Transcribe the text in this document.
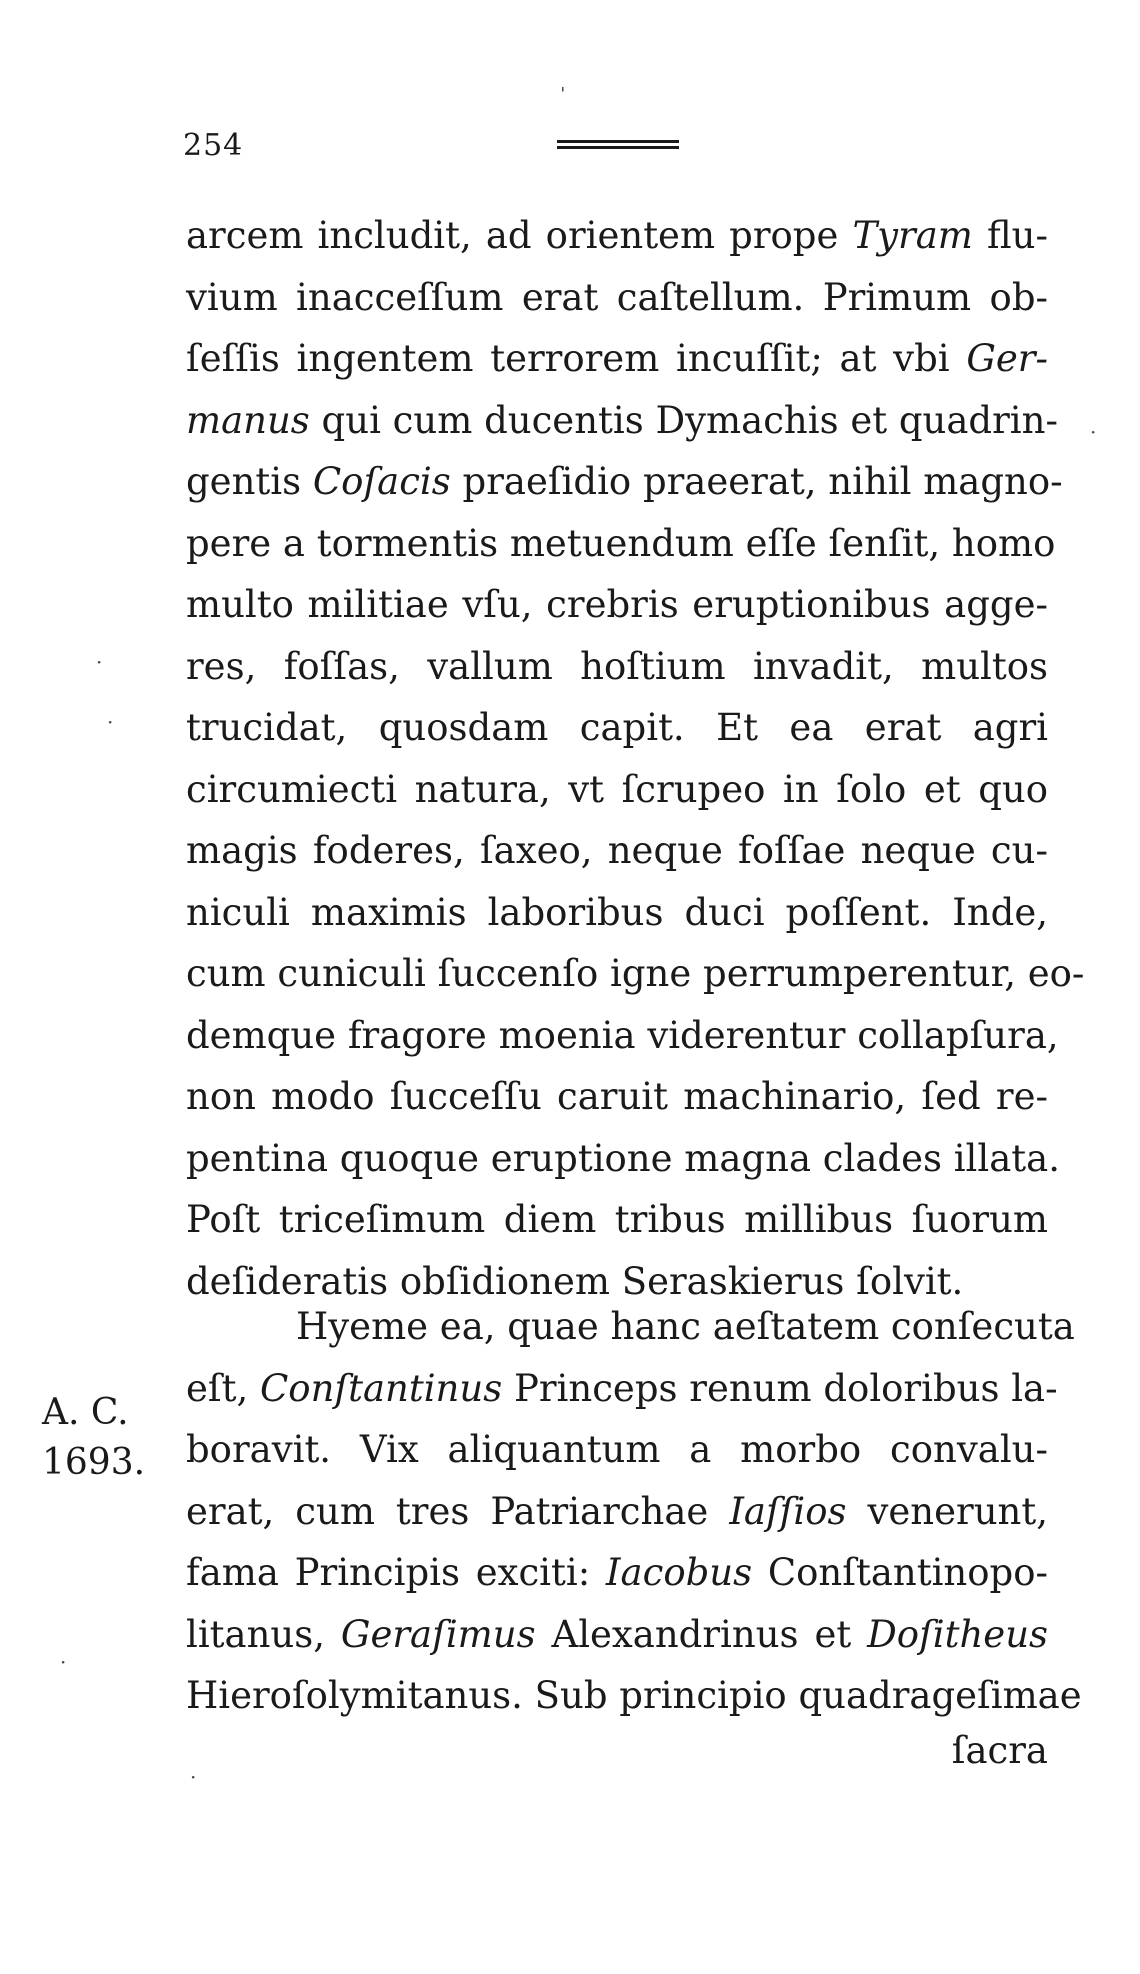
254
arcem includit, ad orientem prope Tyram flu-
vium inacceſſum erat caſtellum. Primum ob-
ſeſſis ingentem terrorem incuſſit; at vbi Ger-
manus qui cum ducentis Dymachis et quadrin-
gentis Coſacis praeſidio praeerat, nihil magno-
pere a tormentis metuendum eſſe ſenſit, homo
multo militiae vſu, crebris eruptionibus agge-
res, foſſas, vallum hoſtium invadit, multos
trucidat, quosdam capit. Et ea erat agri
circumiecti natura, vt ſcrupeo in ſolo et quo
magis foderes, ſaxeo, neque foſſae neque cu-
niculi maximis laboribus duci poſſent. Inde,
cum cuniculi ſuccenſo igne perrumperentur, eo-
demque fragore moenia viderentur collapſura,
non modo ſucceſſu caruit machinario, ſed re-
pentina quoque eruptione magna clades illata.
Poſt triceſimum diem tribus millibus ſuorum
deſideratis obſidionem Seraskierus ſolvit.
Hyeme ea, quae hanc aeſtatem conſecuta
eſt, Conſtantinus Princeps renum doloribus la-
boravit. Vix aliquantum a morbo convalu-
erat, cum tres Patriarchae Iaſſios venerunt,
fama Principis exciti: Iacobus Conſtantinopo-
litanus, Geraſimus Alexandrinus et Doſitheus
Hieroſolymitanus. Sub principio quadrageſimae
A. C.
1693.
ſacra
ˌ
·
·
·
·
·
